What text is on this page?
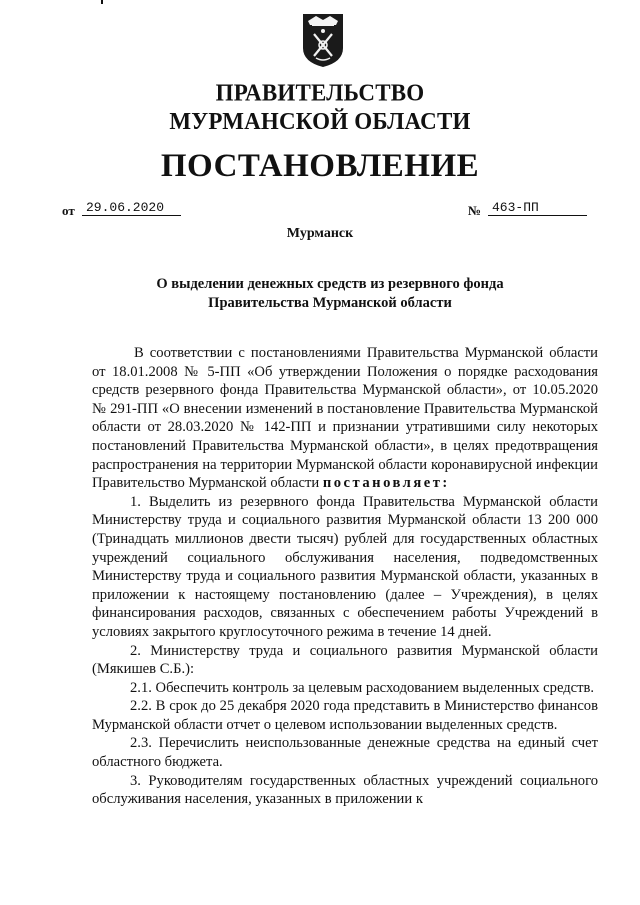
ПРАВИТЕЛЬСТВО
МУРМАНСКОЙ ОБЛАСТИ
ПОСТАНОВЛЕНИЕ
от 29.06.2020	№ 463-ПП
Мурманск
О выделении денежных средств из резервного фонда
Правительства Мурманской области

В соответствии с постановлениями Правительства Мурманской области от 18.01.2008 № 5-ПП «Об утверждении Положения о порядке расходования средств резервного фонда Правительства Мурманской области», от 10.05.2020 № 291-ПП «О внесении изменений в постановление Правительства Мурманской области от 28.03.2020 № 142-ПП и признании утратившими силу некоторых постановлений Правительства Мурманской области», в целях предотвращения распространения на территории Мурманской области коронавирусной инфекции Правительство Мурманской области постановляет:

1. Выделить из резервного фонда Правительства Мурманской области Министерству труда и социального развития Мурманской области 13 200 000 (Тринадцать миллионов двести тысяч) рублей для государственных областных учреждений социального обслуживания населения, подведомственных Министерству труда и социального развития Мурманской области, указанных в приложении к настоящему постановлению (далее – Учреждения), в целях финансирования расходов, связанных с обеспечением работы Учреждений в условиях закрытого круглосуточного режима в течение 14 дней.

2. Министерству труда и социального развития Мурманской области (Мякишев С.Б.):

2.1. Обеспечить контроль за целевым расходованием выделенных средств.

2.2. В срок до 25 декабря 2020 года представить в Министерство финансов Мурманской области отчет о целевом использовании выделенных средств.

2.3. Перечислить неиспользованные денежные средства на единый счет областного бюджета.

3. Руководителям государственных областных учреждений социального обслуживания населения, указанных в приложении к
